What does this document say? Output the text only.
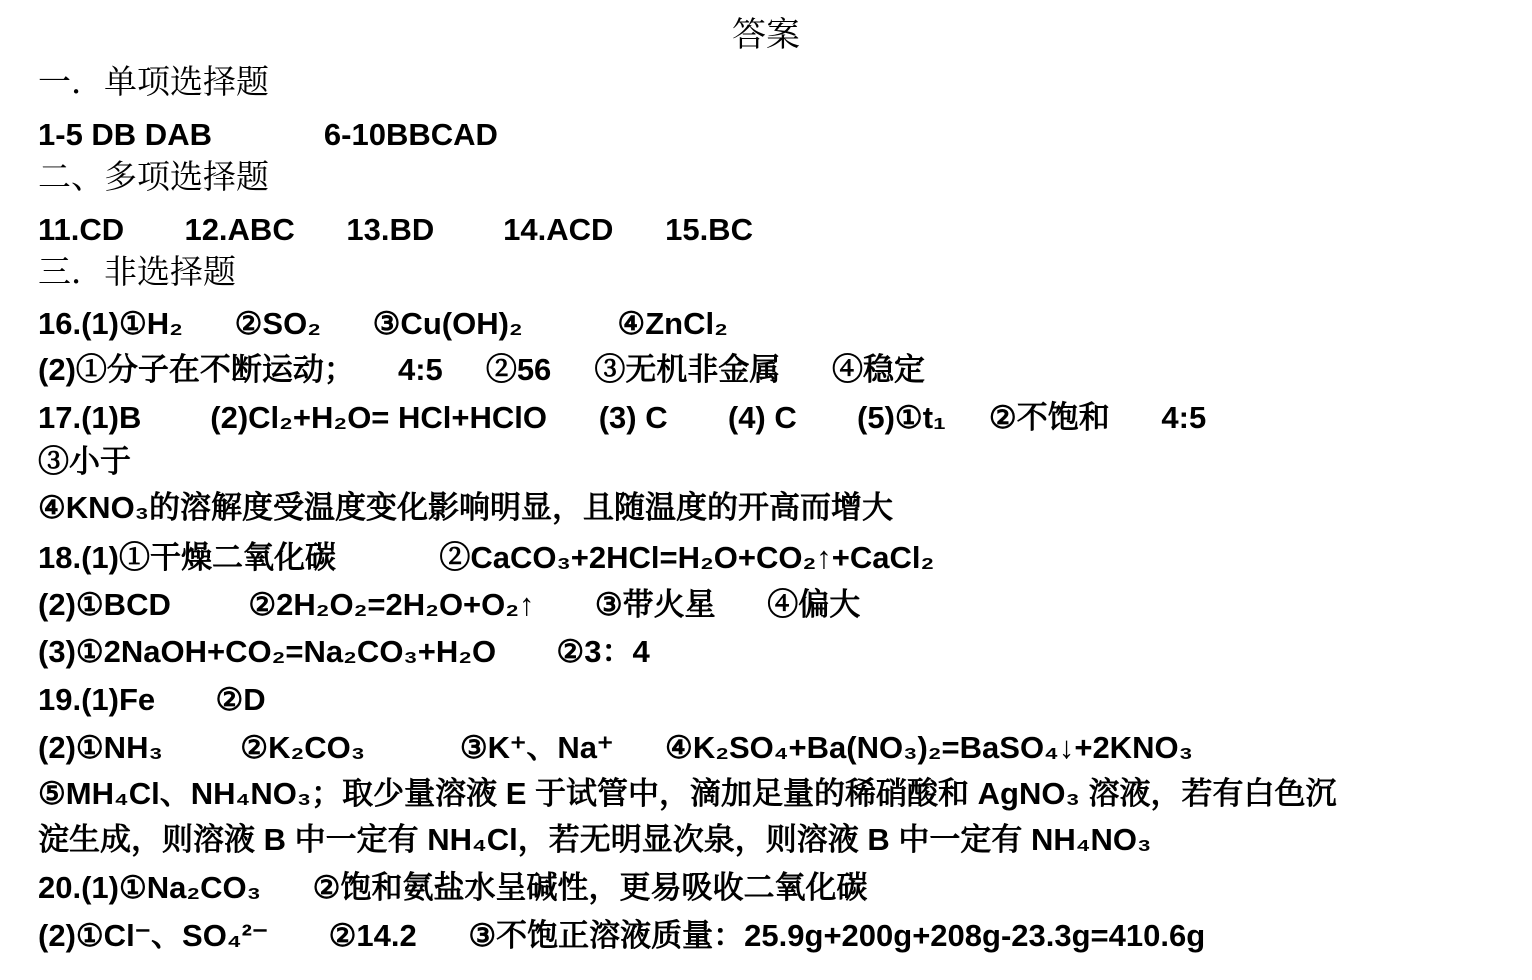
答案
一．单项选择题
1-5 DB DAB             6-10BBCAD
二、多项选择题
11.CD       12.ABC      13.BD        14.ACD      15.BC
三．非选择题
16.(1)①H₂      ②SO₂      ③Cu(OH)₂           ④ZnCl₂
(2)①分子在不断运动；     4:5     ②56     ③无机非金属      ④稳定
17.(1)B        (2)Cl₂+H₂O= HCl+HClO      (3) C       (4) C       (5)①t₁     ②不饱和      4:5
③小于
④KNO₃的溶解度受温度变化影响明显，且随温度的开高而增大
18.(1)①干燥二氧化碳            ②CaCO₃+2HCl=H₂O+CO₂↑+CaCl₂
(2)①BCD         ②2H₂O₂=2H₂O+O₂↑       ③带火星      ④偏大
(3)①2NaOH+CO₂=Na₂CO₃+H₂O       ②3：4
19.(1)Fe       ②D
(2)①NH₃         ②K₂CO₃           ③K⁺、Na⁺      ④K₂SO₄+Ba(NO₃)₂=BaSO₄↓+2KNO₃
⑤MH₄Cl、NH₄NO₃；取少量溶液 E 于试管中，滴加足量的稀硝酸和 AgNO₃ 溶液，若有白色沉
淀生成，则溶液 B 中一定有 NH₄Cl，若无明显次泉，则溶液 B 中一定有 NH₄NO₃
20.(1)①Na₂CO₃      ②饱和氨盐水呈碱性，更易吸收二氧化碳
(2)①Cl⁻、SO₄²⁻       ②14.2      ③不饱正溶液质量：25.9g+200g+208g-23.3g=410.6g
